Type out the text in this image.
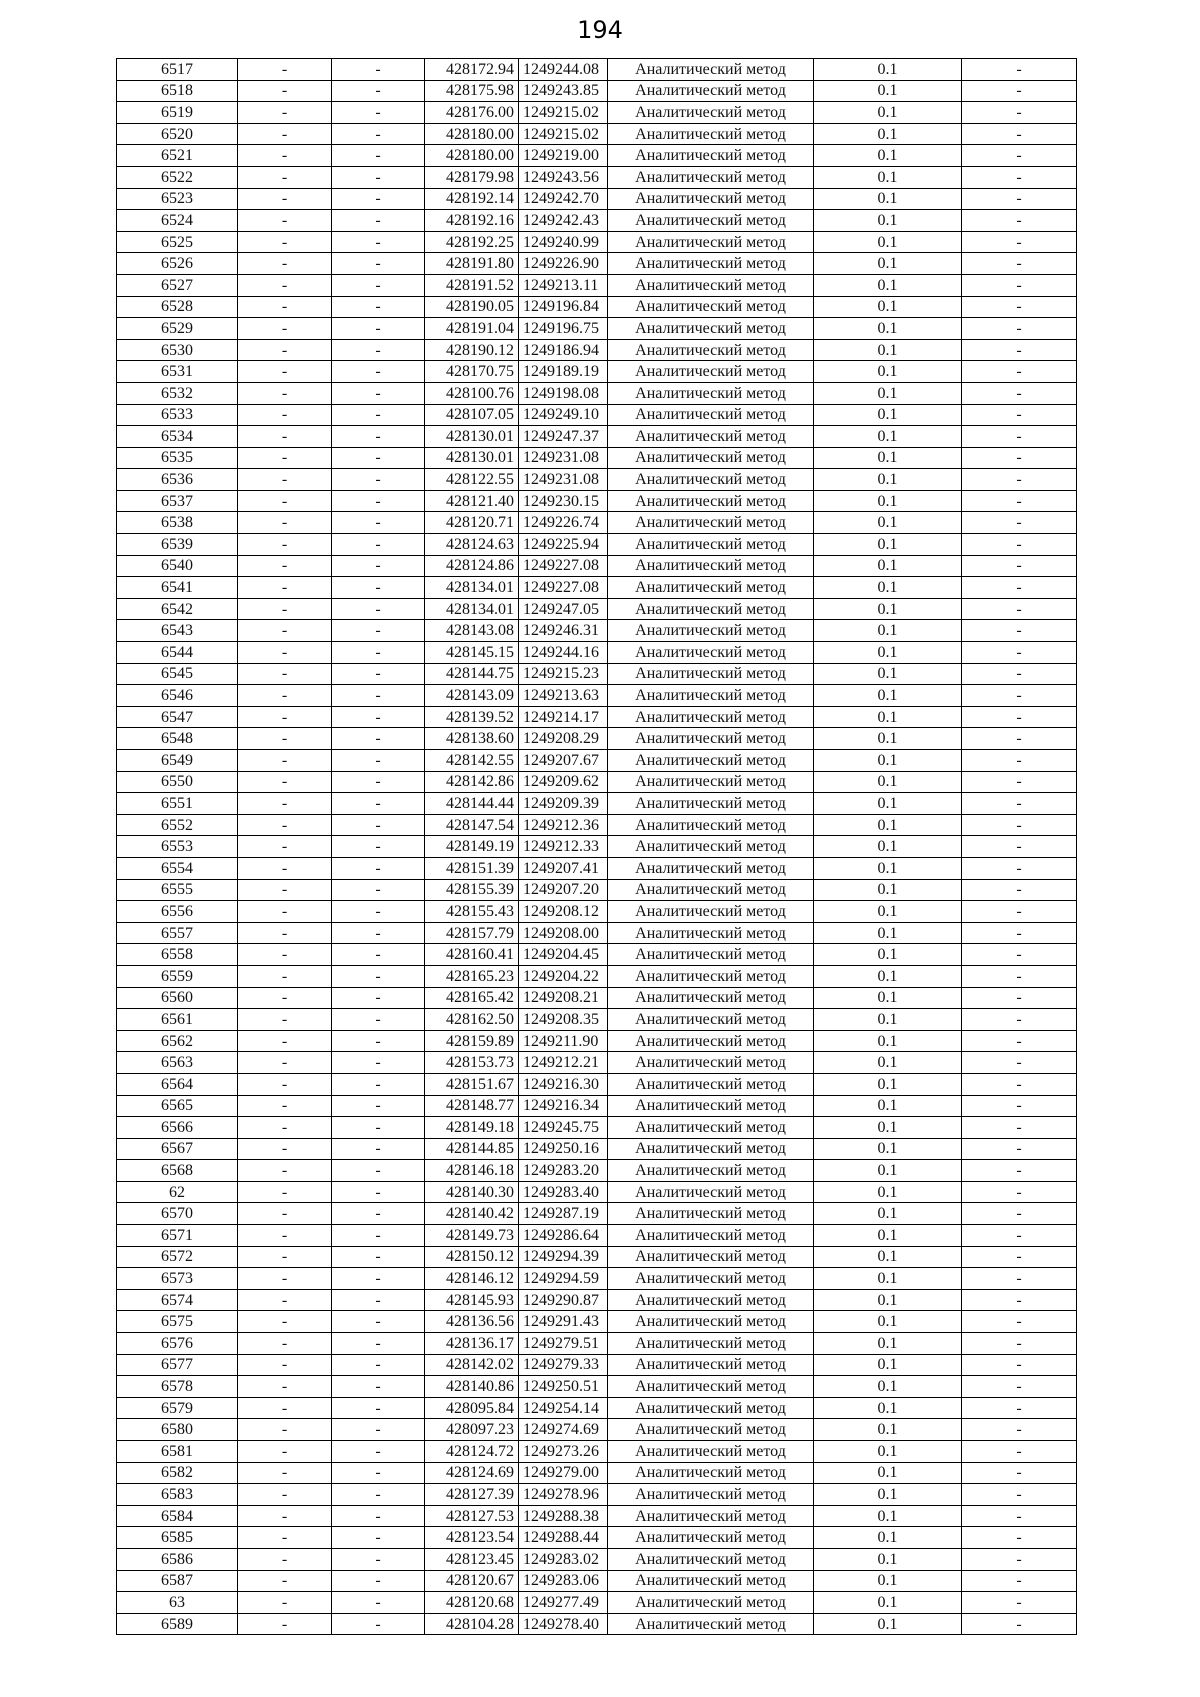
194
6517	-	-	428172.94	1249244.08	Аналитический метод	0.1	-
6518	-	-	428175.98	1249243.85	Аналитический метод	0.1	-
6519	-	-	428176.00	1249215.02	Аналитический метод	0.1	-
6520	-	-	428180.00	1249215.02	Аналитический метод	0.1	-
6521	-	-	428180.00	1249219.00	Аналитический метод	0.1	-
6522	-	-	428179.98	1249243.56	Аналитический метод	0.1	-
6523	-	-	428192.14	1249242.70	Аналитический метод	0.1	-
6524	-	-	428192.16	1249242.43	Аналитический метод	0.1	-
6525	-	-	428192.25	1249240.99	Аналитический метод	0.1	-
6526	-	-	428191.80	1249226.90	Аналитический метод	0.1	-
6527	-	-	428191.52	1249213.11	Аналитический метод	0.1	-
6528	-	-	428190.05	1249196.84	Аналитический метод	0.1	-
6529	-	-	428191.04	1249196.75	Аналитический метод	0.1	-
6530	-	-	428190.12	1249186.94	Аналитический метод	0.1	-
6531	-	-	428170.75	1249189.19	Аналитический метод	0.1	-
6532	-	-	428100.76	1249198.08	Аналитический метод	0.1	-
6533	-	-	428107.05	1249249.10	Аналитический метод	0.1	-
6534	-	-	428130.01	1249247.37	Аналитический метод	0.1	-
6535	-	-	428130.01	1249231.08	Аналитический метод	0.1	-
6536	-	-	428122.55	1249231.08	Аналитический метод	0.1	-
6537	-	-	428121.40	1249230.15	Аналитический метод	0.1	-
6538	-	-	428120.71	1249226.74	Аналитический метод	0.1	-
6539	-	-	428124.63	1249225.94	Аналитический метод	0.1	-
6540	-	-	428124.86	1249227.08	Аналитический метод	0.1	-
6541	-	-	428134.01	1249227.08	Аналитический метод	0.1	-
6542	-	-	428134.01	1249247.05	Аналитический метод	0.1	-
6543	-	-	428143.08	1249246.31	Аналитический метод	0.1	-
6544	-	-	428145.15	1249244.16	Аналитический метод	0.1	-
6545	-	-	428144.75	1249215.23	Аналитический метод	0.1	-
6546	-	-	428143.09	1249213.63	Аналитический метод	0.1	-
6547	-	-	428139.52	1249214.17	Аналитический метод	0.1	-
6548	-	-	428138.60	1249208.29	Аналитический метод	0.1	-
6549	-	-	428142.55	1249207.67	Аналитический метод	0.1	-
6550	-	-	428142.86	1249209.62	Аналитический метод	0.1	-
6551	-	-	428144.44	1249209.39	Аналитический метод	0.1	-
6552	-	-	428147.54	1249212.36	Аналитический метод	0.1	-
6553	-	-	428149.19	1249212.33	Аналитический метод	0.1	-
6554	-	-	428151.39	1249207.41	Аналитический метод	0.1	-
6555	-	-	428155.39	1249207.20	Аналитический метод	0.1	-
6556	-	-	428155.43	1249208.12	Аналитический метод	0.1	-
6557	-	-	428157.79	1249208.00	Аналитический метод	0.1	-
6558	-	-	428160.41	1249204.45	Аналитический метод	0.1	-
6559	-	-	428165.23	1249204.22	Аналитический метод	0.1	-
6560	-	-	428165.42	1249208.21	Аналитический метод	0.1	-
6561	-	-	428162.50	1249208.35	Аналитический метод	0.1	-
6562	-	-	428159.89	1249211.90	Аналитический метод	0.1	-
6563	-	-	428153.73	1249212.21	Аналитический метод	0.1	-
6564	-	-	428151.67	1249216.30	Аналитический метод	0.1	-
6565	-	-	428148.77	1249216.34	Аналитический метод	0.1	-
6566	-	-	428149.18	1249245.75	Аналитический метод	0.1	-
6567	-	-	428144.85	1249250.16	Аналитический метод	0.1	-
6568	-	-	428146.18	1249283.20	Аналитический метод	0.1	-
62	-	-	428140.30	1249283.40	Аналитический метод	0.1	-
6570	-	-	428140.42	1249287.19	Аналитический метод	0.1	-
6571	-	-	428149.73	1249286.64	Аналитический метод	0.1	-
6572	-	-	428150.12	1249294.39	Аналитический метод	0.1	-
6573	-	-	428146.12	1249294.59	Аналитический метод	0.1	-
6574	-	-	428145.93	1249290.87	Аналитический метод	0.1	-
6575	-	-	428136.56	1249291.43	Аналитический метод	0.1	-
6576	-	-	428136.17	1249279.51	Аналитический метод	0.1	-
6577	-	-	428142.02	1249279.33	Аналитический метод	0.1	-
6578	-	-	428140.86	1249250.51	Аналитический метод	0.1	-
6579	-	-	428095.84	1249254.14	Аналитический метод	0.1	-
6580	-	-	428097.23	1249274.69	Аналитический метод	0.1	-
6581	-	-	428124.72	1249273.26	Аналитический метод	0.1	-
6582	-	-	428124.69	1249279.00	Аналитический метод	0.1	-
6583	-	-	428127.39	1249278.96	Аналитический метод	0.1	-
6584	-	-	428127.53	1249288.38	Аналитический метод	0.1	-
6585	-	-	428123.54	1249288.44	Аналитический метод	0.1	-
6586	-	-	428123.45	1249283.02	Аналитический метод	0.1	-
6587	-	-	428120.67	1249283.06	Аналитический метод	0.1	-
63	-	-	428120.68	1249277.49	Аналитический метод	0.1	-
6589	-	-	428104.28	1249278.40	Аналитический метод	0.1	-
